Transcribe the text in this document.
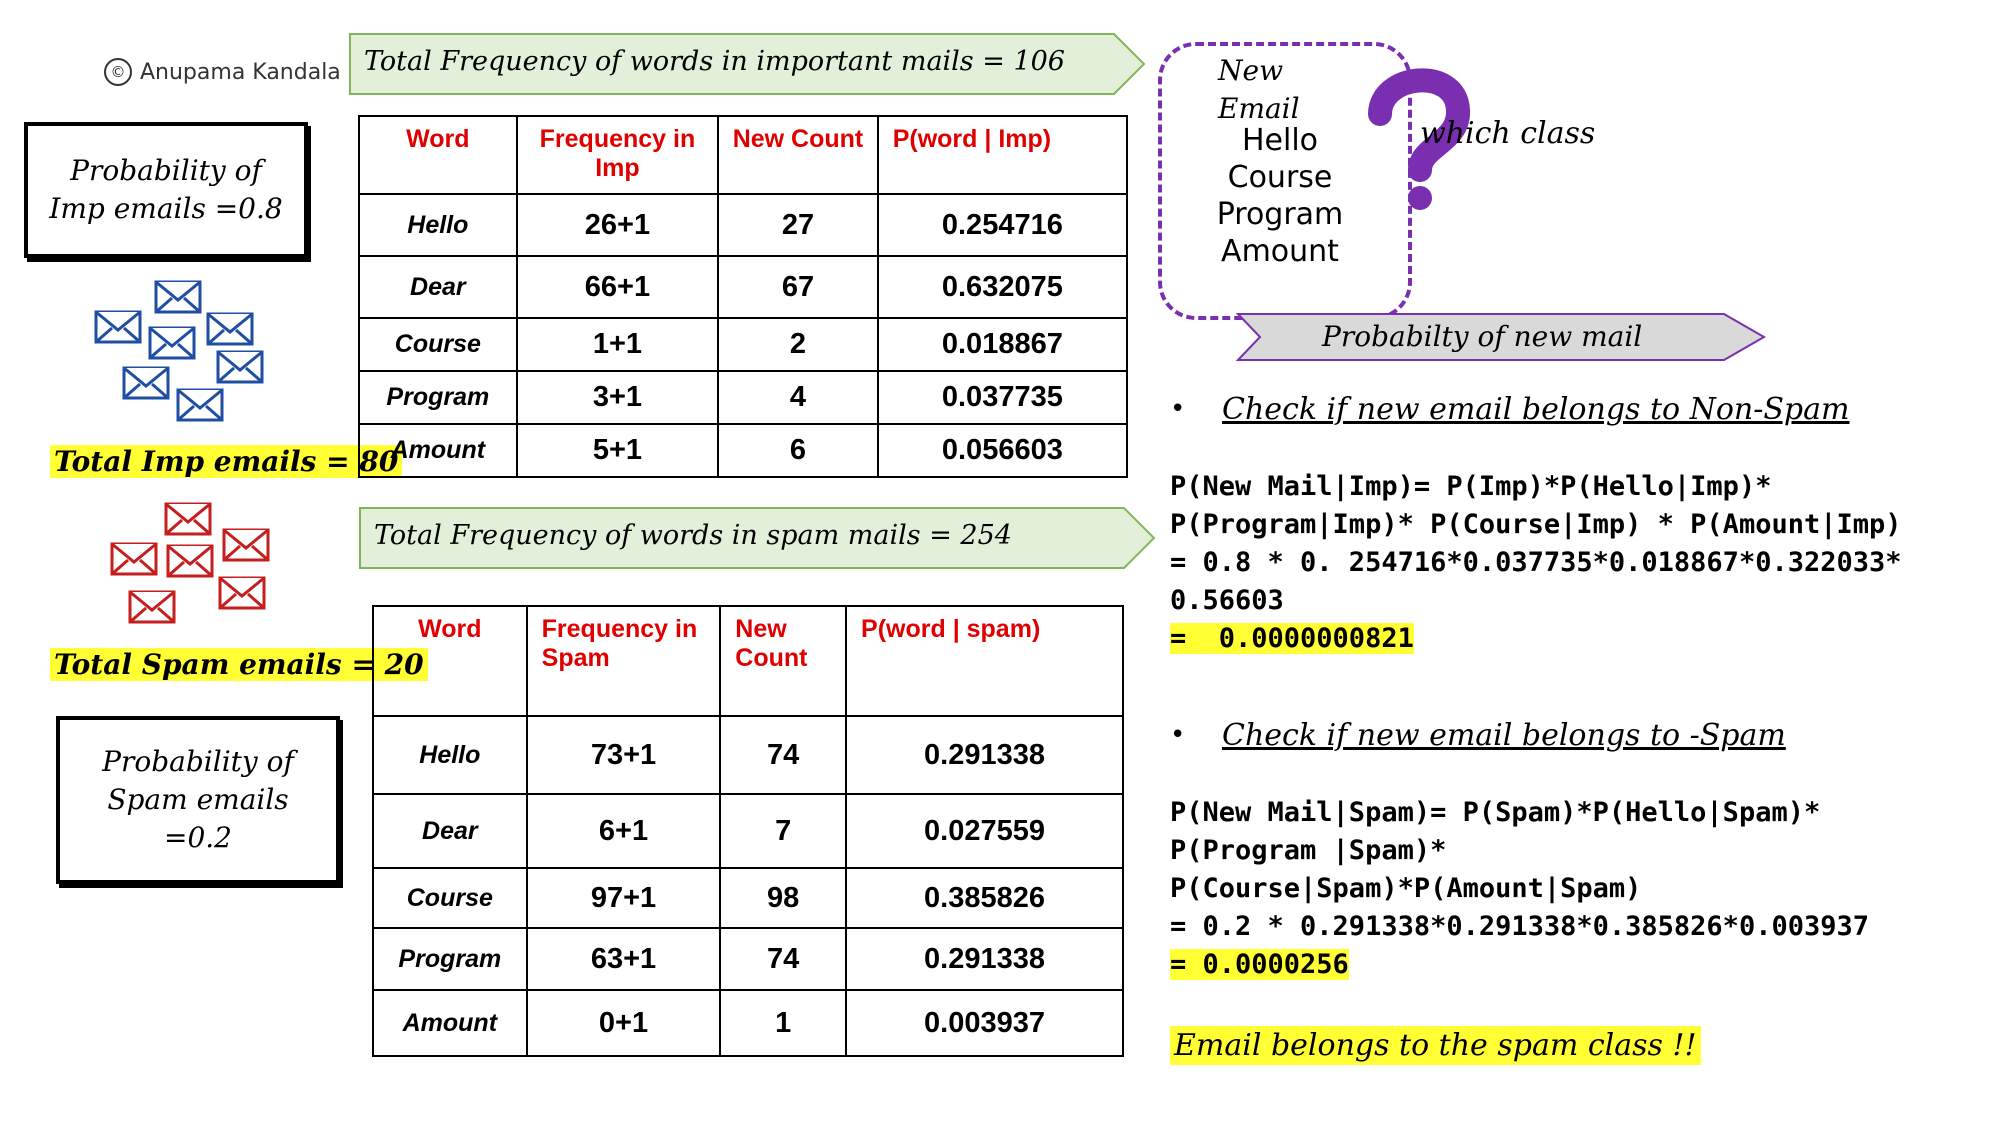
© Anupama Kandala
Probability of Imp emails =0.8
Total Imp emails = 80
Total Spam emails = 20
Probability of Spam emails =0.2
Total Frequency of words in important mails = 106
Word	Frequency in Imp	New Count	P(word | Imp)
Hello	26+1	27	0.254716
Dear	66+1	67	0.632075
Course	1+1	2	0.018867
Program	3+1	4	0.037735
Amount	5+1	6	0.056603
Total Frequency of words in spam mails = 254
Word	Frequency in Spam	New Count	P(word | spam)
Hello	73+1	74	0.291338
Dear	6+1	7	0.027559
Course	97+1	98	0.385826
Program	63+1	74	0.291338
Amount	0+1	1	0.003937
New
Email
Hello
Course
Program
Amount
which class
Probabilty of new mail
• Check if new email belongs to Non-Spam
P(New Mail|Imp)= P(Imp)*P(Hello|Imp)*
P(Program|Imp)* P(Course|Imp) * P(Amount|Imp)
= 0.8 * 0. 254716*0.037735*0.018867*0.322033*
0.56603
=  0.0000000821
• Check if new email belongs to -Spam
P(New Mail|Spam)= P(Spam)*P(Hello|Spam)*
P(Program |Spam)*
P(Course|Spam)*P(Amount|Spam)
= 0.2 * 0.291338*0.291338*0.385826*0.003937
= 0.0000256
Email belongs to the spam class !!
